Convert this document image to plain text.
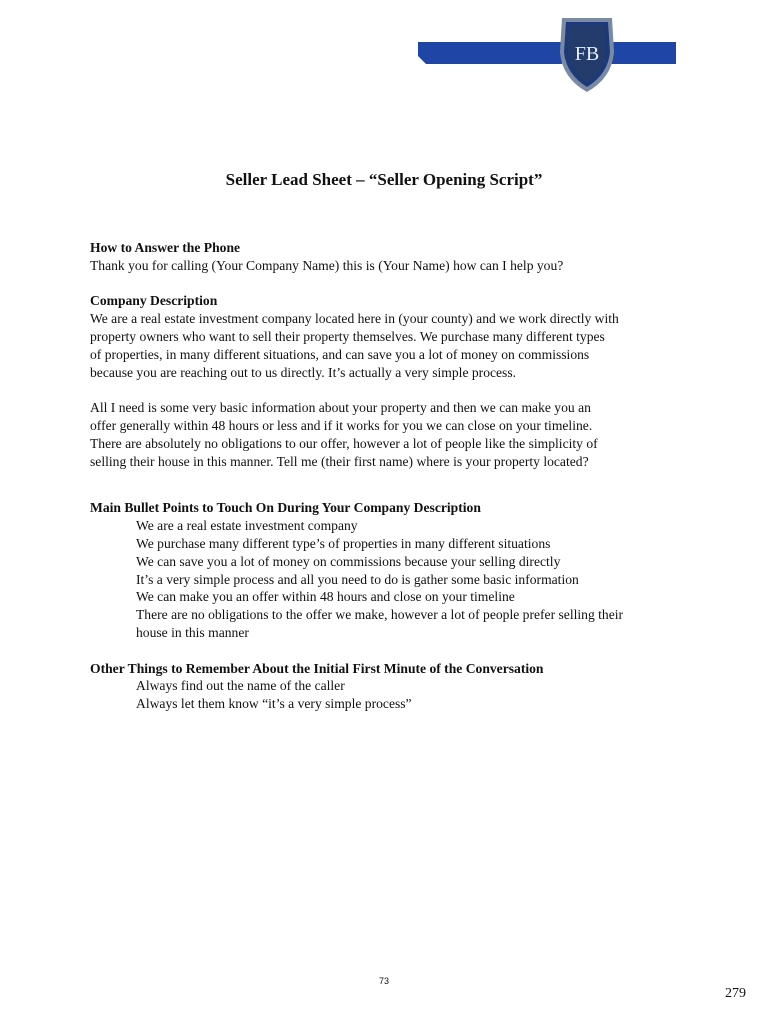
FB
Seller Lead Sheet – “Seller Opening Script”

How to Answer the Phone

Thank you for calling (Your Company Name) this is (Your Name) how can I help you?

Company Description

We are a real estate investment company located here in (your county) and we work directly with

property owners who want to sell their property themselves. We purchase many different types

of properties, in many different situations, and can save you a lot of money on commissions

because you are reaching out to us directly. It’s actually a very simple process.

All I need is some very basic information about your property and then we can make you an

offer generally within 48 hours or less and if it works for you we can close on your timeline.

There are absolutely no obligations to our offer, however a lot of people like the simplicity of

selling their house in this manner. Tell me (their first name) where is your property located?

Main Bullet Points to Touch On During Your Company Description

We are a real estate investment company

We purchase many different type’s of properties in many different situations

We can save you a lot of money on commissions because your selling directly

It’s a very simple process and all you need to do is gather some basic information

We can make you an offer within 48 hours and close on your timeline

There are no obligations to the offer we make, however a lot of people prefer selling their

house in this manner

Other Things to Remember About the Initial First Minute of the Conversation

Always find out the name of the caller

Always let them know “it’s a very simple process”

73
279
